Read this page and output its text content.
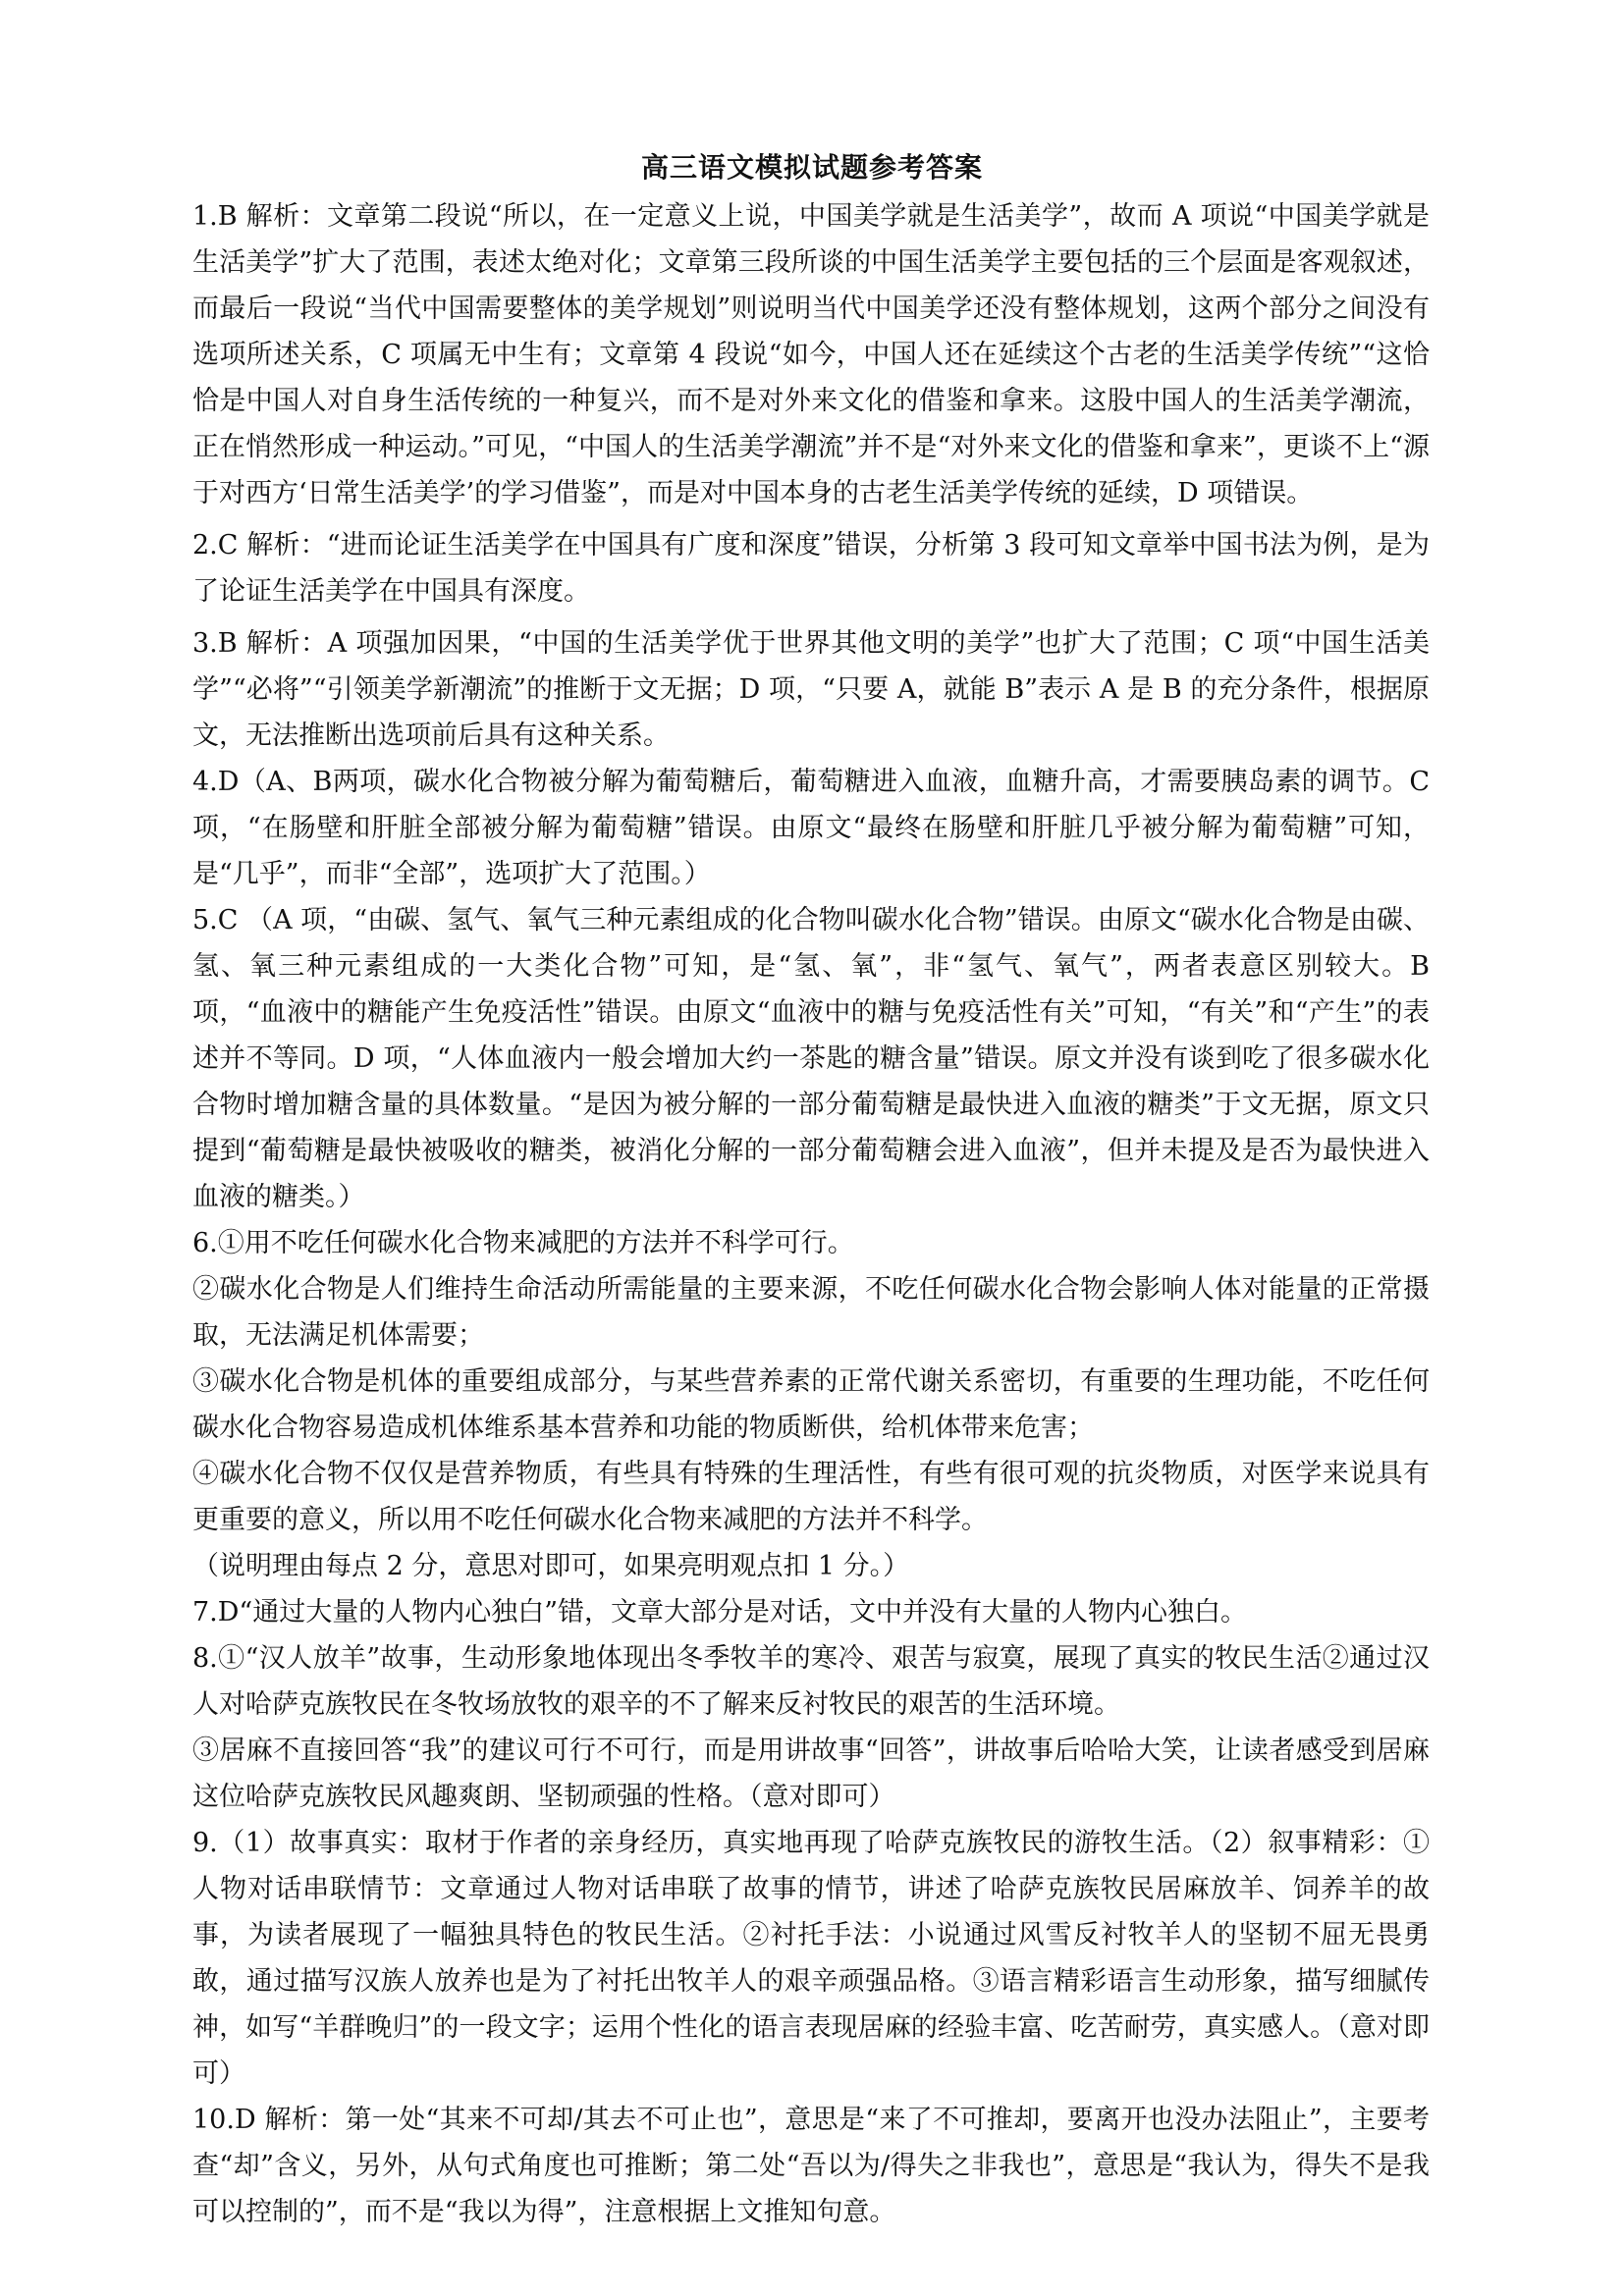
高三语文模拟试题参考答案

1.B 解析：文章第二段说“所以，在一定意义上说，中国美学就是生活美学”，故而 A 项说“中国美学就是生活美学”扩大了范围，表述太绝对化；文章第三段所谈的中国生活美学主要包括的三个层面是客观叙述，而最后一段说“当代中国需要整体的美学规划”则说明当代中国美学还没有整体规划，这两个部分之间没有选项所述关系，C 项属无中生有；文章第 4 段说“如今，中国人还在延续这个古老的生活美学传统”“这恰恰是中国人对自身生活传统的一种复兴，而不是对外来文化的借鉴和拿来。这股中国人的生活美学潮流，正在悄然形成一种运动。”可见，“中国人的生活美学潮流”并不是“对外来文化的借鉴和拿来”，更谈不上“源于对西方‘日常生活美学’的学习借鉴”，而是对中国本身的古老生活美学传统的延续，D 项错误。

2.C 解析：“进而论证生活美学在中国具有广度和深度”错误，分析第 3 段可知文章举中国书法为例，是为了论证生活美学在中国具有深度。

3.B 解析：A 项强加因果，“中国的生活美学优于世界其他文明的美学”也扩大了范围；C 项“中国生活美学”“必将”“引领美学新潮流”的推断于文无据；D 项，“只要 A，就能 B”表示 A 是 B 的充分条件，根据原文，无法推断出选项前后具有这种关系。

4.D（A、B两项，碳水化合物被分解为葡萄糖后，葡萄糖进入血液，血糖升高，才需要胰岛素的调节。C 项，“在肠壁和肝脏全部被分解为葡萄糖”错误。由原文“最终在肠壁和肝脏几乎被分解为葡萄糖”可知，是“几乎”，而非“全部”，选项扩大了范围。）

5.C （A 项，“由碳、氢气、氧气三种元素组成的化合物叫碳水化合物”错误。由原文“碳水化合物是由碳、氢、氧三种元素组成的一大类化合物”可知，是“氢、氧”，非“氢气、氧气”，两者表意区别较大。B 项，“血液中的糖能产生免疫活性”错误。由原文“血液中的糖与免疫活性有关”可知，“有关”和“产生”的表述并不等同。D 项，“人体血液内一般会增加大约一茶匙的糖含量”错误。原文并没有谈到吃了很多碳水化合物时增加糖含量的具体数量。“是因为被分解的一部分葡萄糖是最快进入血液的糖类”于文无据，原文只提到“葡萄糖是最快被吸收的糖类，被消化分解的一部分葡萄糖会进入血液”，但并未提及是否为最快进入血液的糖类。）

6.①用不吃任何碳水化合物来减肥的方法并不科学可行。

②碳水化合物是人们维持生命活动所需能量的主要来源，不吃任何碳水化合物会影响人体对能量的正常摄取，无法满足机体需要；

③碳水化合物是机体的重要组成部分，与某些营养素的正常代谢关系密切，有重要的生理功能，不吃任何碳水化合物容易造成机体维系基本营养和功能的物质断供，给机体带来危害；

④碳水化合物不仅仅是营养物质，有些具有特殊的生理活性，有些有很可观的抗炎物质，对医学来说具有更重要的意义，所以用不吃任何碳水化合物来减肥的方法并不科学。

（说明理由每点 2 分，意思对即可，如果亮明观点扣 1 分。）

7.D“通过大量的人物内心独白”错，文章大部分是对话，文中并没有大量的人物内心独白。

8.①“汉人放羊”故事，生动形象地体现出冬季牧羊的寒冷、艰苦与寂寞，展现了真实的牧民生活②通过汉人对哈萨克族牧民在冬牧场放牧的艰辛的不了解来反衬牧民的艰苦的生活环境。

③居麻不直接回答“我”的建议可行不可行，而是用讲故事“回答”，讲故事后哈哈大笑，让读者感受到居麻这位哈萨克族牧民风趣爽朗、坚韧顽强的性格。（意对即可）

9.（1）故事真实：取材于作者的亲身经历，真实地再现了哈萨克族牧民的游牧生活。（2）叙事精彩：①人物对话串联情节：文章通过人物对话串联了故事的情节，讲述了哈萨克族牧民居麻放羊、饲养羊的故事，为读者展现了一幅独具特色的牧民生活。②衬托手法：小说通过风雪反衬牧羊人的坚韧不屈无畏勇敢，通过描写汉族人放养也是为了衬托出牧羊人的艰辛顽强品格。③语言精彩语言生动形象，描写细腻传神，如写“羊群晚归”的一段文字；运用个性化的语言表现居麻的经验丰富、吃苦耐劳，真实感人。（意对即可）

10.D 解析：第一处“其来不可却/其去不可止也”，意思是“来了不可推却，要离开也没办法阻止”，主要考查“却”含义，另外，从句式角度也可推断；第二处“吾以为/得失之非我也”，意思是“我认为，得失不是我可以控制的”，而不是“我以为得”，注意根据上文推知句意。
